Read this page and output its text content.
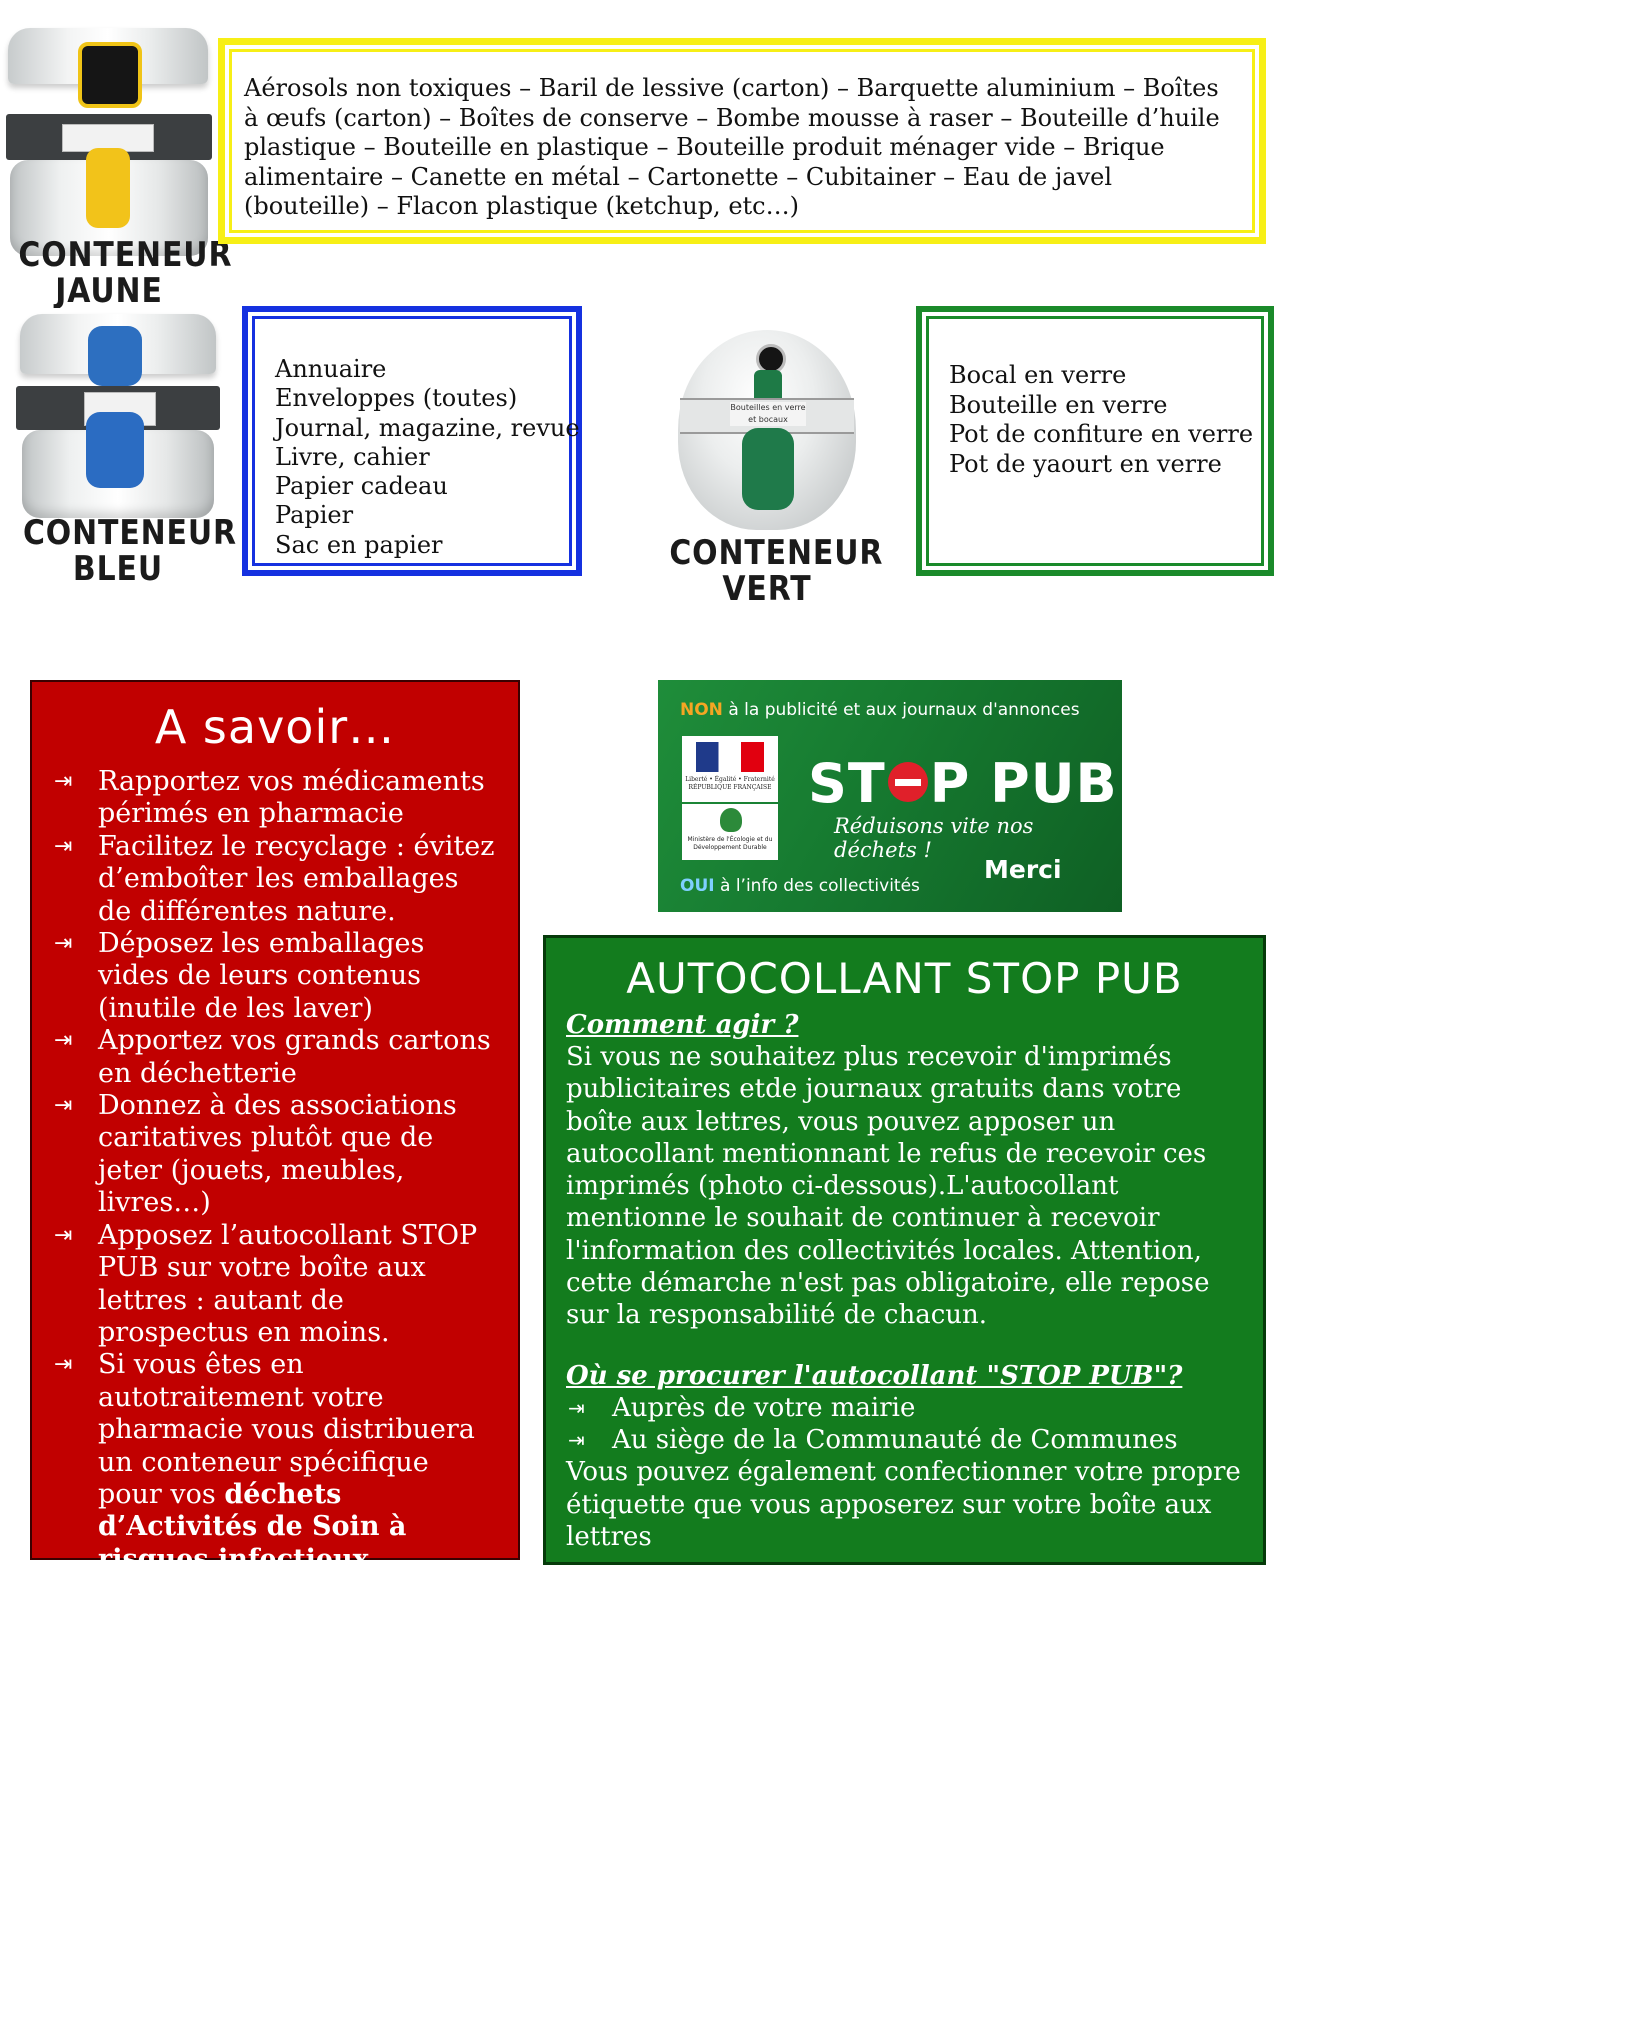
CONTENEUR
JAUNE
Aérosols non toxiques – Baril de lessive (carton) – Barquette aluminium – Boîtes à œufs (carton) – Boîtes de conserve – Bombe mousse à raser – Bouteille d’huile plastique – Bouteille en plastique – Bouteille produit ménager vide – Brique alimentaire – Canette en métal – Cartonette – Cubitainer – Eau de javel (bouteille) – Flacon plastique (ketchup, etc…)
CONTENEUR
BLEU
Annuaire
Enveloppes (toutes)
Journal, magazine, revue
Livre, cahier
Papier cadeau
Papier
Sac en papier
Bouteilles en verre et bocaux
CONTENEUR
VERT
Bocal en verre
Bouteille en verre
Pot de confiture en verre
Pot de yaourt en verre
A savoir…
⇥ Rapportez vos médicaments périmés en pharmacie
⇥ Facilitez le recyclage : évitez d’emboîter les emballages de différentes nature.
⇥ Déposez les emballages vides de leurs contenus (inutile de les laver)
⇥ Apportez vos grands cartons en déchetterie
⇥ Donnez à des associations caritatives plutôt que de jeter (jouets, meubles, livres…)
⇥ Apposez l’autocollant STOP PUB sur votre boîte aux lettres : autant de prospectus en moins.
⇥ Si vous êtes en autotraitement votre pharmacie vous distribuera un conteneur spécifique pour vos déchets d’Activités de Soin à risques infectieux.
NON à la publicité et aux journaux d'annonces
Liberté • Égalité • Fraternité RÉPUBLIQUE FRANÇAISE
Ministère de l'Écologie et du Développement Durable
ST P PUB
Réduisons vite nos déchets !
Merci
OUI à l’info des collectivités
AUTOCOLLANT STOP PUB
Comment agir ?
Si vous ne souhaitez plus recevoir d'imprimés publicitaires etde journaux gratuits dans votre boîte aux lettres, vous pouvez apposer un autocollant mentionnant le refus de recevoir ces imprimés (photo ci-dessous).L'autocollant mentionne le souhait de continuer à recevoir l'information des collectivités locales. Attention, cette démarche n'est pas obligatoire, elle repose sur la responsabilité de chacun.
Où se procurer l'autocollant "STOP PUB"?
⇥ Auprès de votre mairie
⇥ Au siège de la Communauté de Communes
Vous pouvez également confectionner votre propre étiquette que vous apposerez sur votre boîte aux lettres
